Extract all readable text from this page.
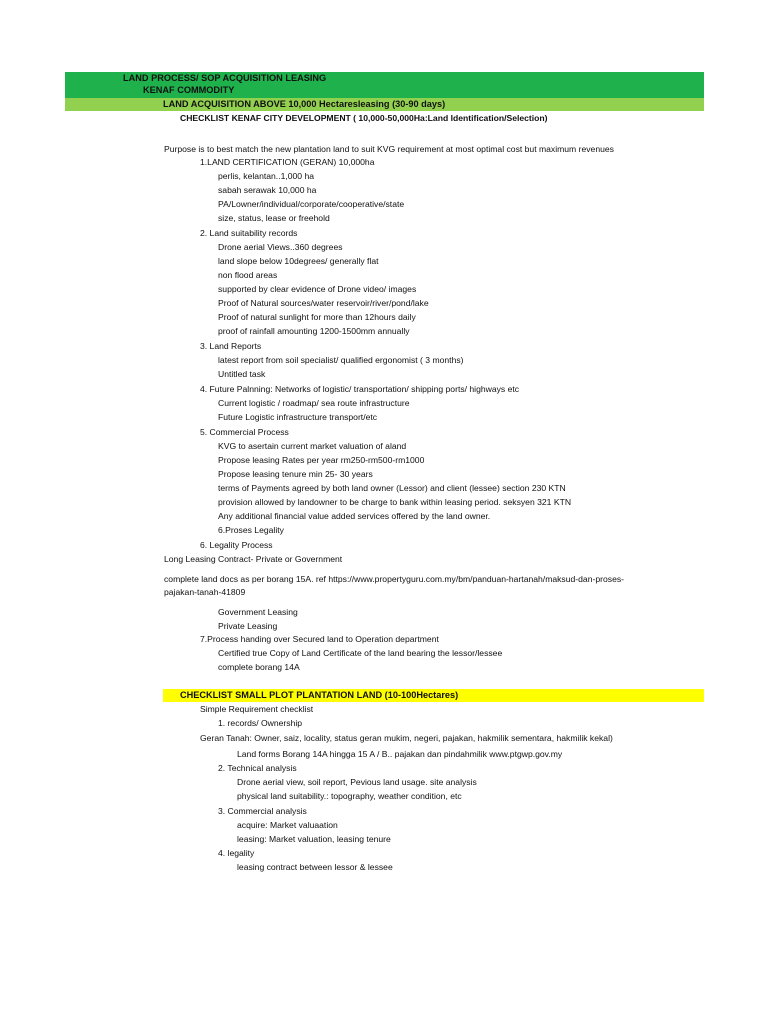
LAND PROCESS/ SOP ACQUISITION LEASING
KENAF COMMODITY
LAND ACQUISITION ABOVE 10,000 Hectaresleasing (30-90 days)
CHECKLIST KENAF CITY DEVELOPMENT ( 10,000-50,000Ha:Land Identification/Selection)
Purpose is to best match the new plantation land to suit KVG requirement at most optimal cost but maximum revenues
1.LAND CERTIFICATION (GERAN) 10,000ha
perlis, kelantan..1,000 ha
sabah serawak 10,000 ha
PA/Lowner/individual/corporate/cooperative/state
size, status, lease or freehold
2. Land suitability records
Drone aerial Views..360 degrees
land slope below 10degrees/ generally flat
non flood areas
supported by clear evidence of Drone video/ images
Proof of Natural sources/water reservoir/river/pond/lake
Proof of natural sunlight for more than 12hours daily
proof of rainfall amounting 1200-1500mm annually
3. Land Reports
latest report from soil specialist/ qualified ergonomist ( 3 months)
Untitled task
4. Future Palnning: Networks of logistic/ transportation/ shipping ports/ highways etc
Current logistic / roadmap/ sea route infrastructure
Future Logistic infrastructure transport/etc
5. Commercial Process
KVG to asertain current market valuation of aland
Propose leasing Rates per year rm250-rm500-rm1000
Propose leasing tenure min 25- 30 years
terms of Payments agreed by both land owner (Lessor) and client (lessee) section 230 KTN
provision allowed by landowner to be charge to bank within leasing period. seksyen 321 KTN
Any additional financial value added services offered by the land owner.
6.Proses Legality
6. Legality Process
Long Leasing Contract- Private or Government
complete land docs as per borang 15A. ref https://www.propertyguru.com.my/bm/panduan-hartanah/maksud-dan-proses-
pajakan-tanah-41809
Government Leasing
Private Leasing
7.Process handing over Secured land to Operation department
Certified true Copy of Land Certificate of the land bearing the lessor/lessee
complete borang 14A
CHECKLIST SMALL PLOT PLANTATION LAND (10-100Hectares)
Simple Requirement checklist
1. records/ Ownership
Geran Tanah: Owner, saiz, locality, status geran mukim, negeri, pajakan, hakmilik sementara, hakmilik kekal)
Land forms Borang 14A hingga 15 A / B.. pajakan dan pindahmilik www.ptgwp.gov.my
2. Technical analysis
Drone aerial view, soil report, Pevious land usage. site analysis
physical land suitability.: topography, weather condition, etc
3. Commercial analysis
acquire: Market valuaation
leasing: Market valuation, leasing tenure
4. legality
leasing contract between lessor & lessee
